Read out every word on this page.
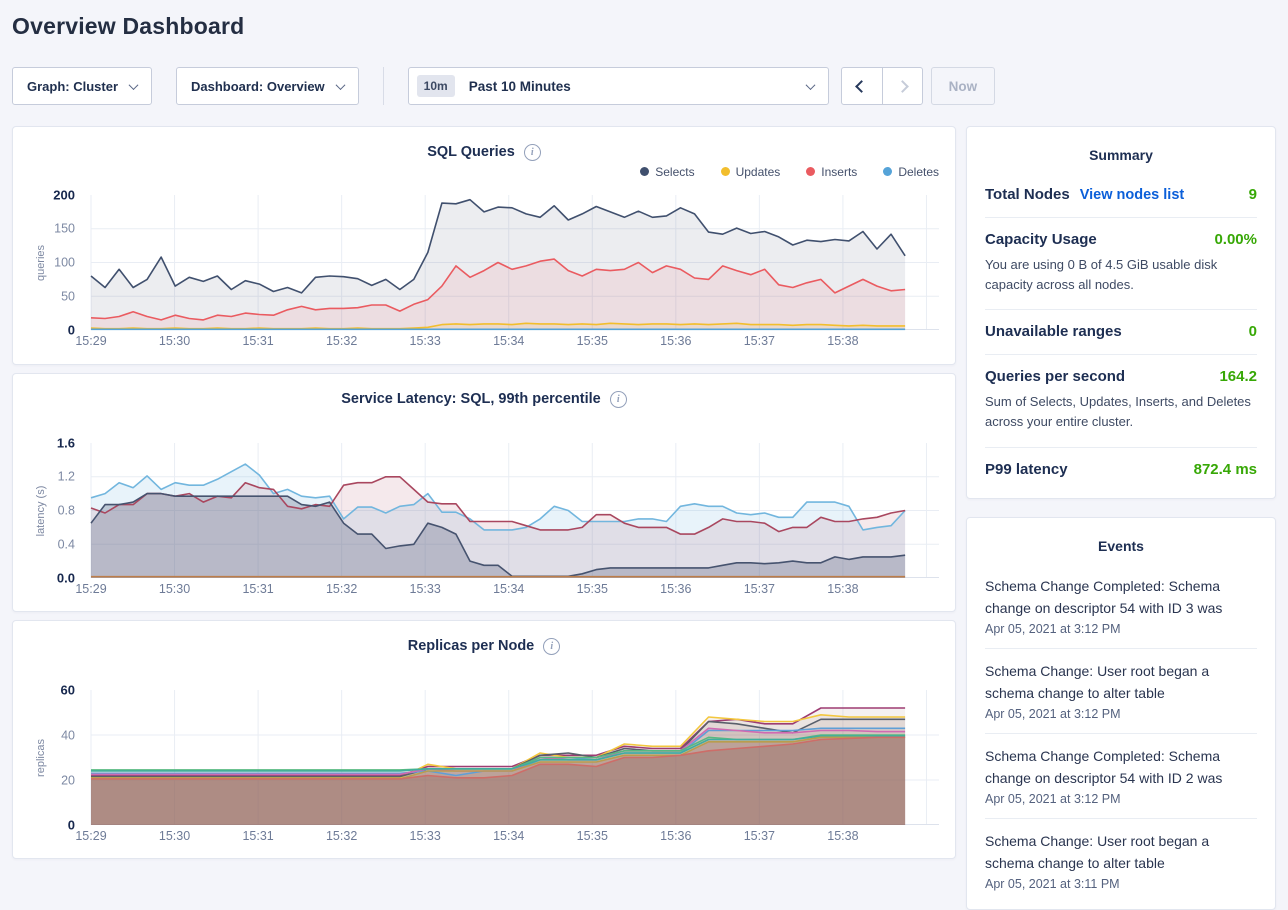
Overview Dashboard
Graph: Cluster	Dashboard: Overview	10m	Past 10 Minutes	Now
SQL Queries	i
Selects	Updates	Inserts	Deletes
queries
0
50
100
150
200
15:29	15:30	15:31	15:32	15:33	15:34	15:35	15:36	15:37	15:38
Service Latency: SQL, 99th percentile	i
latency (s)
0.0
0.4
0.8
1.2
1.6
15:29	15:30	15:31	15:32	15:33	15:34	15:35	15:36	15:37	15:38
Replicas per Node	i
replicas
0
20
40
60
15:29	15:30	15:31	15:32	15:33	15:34	15:35	15:36	15:37	15:38
Summary
Total Nodes View nodes list	9
Capacity Usage	0.00%
You are using 0 B of 4.5 GiB usable disk capacity across all nodes.
Unavailable ranges	0
Queries per second	164.2
Sum of Selects, Updates, Inserts, and Deletes across your entire cluster.
P99 latency	872.4 ms
Events
Schema Change Completed: Schema change on descriptor 54 with ID 3 was
Apr 05, 2021 at 3:12 PM
Schema Change: User root began a schema change to alter table
Apr 05, 2021 at 3:12 PM
Schema Change Completed: Schema change on descriptor 54 with ID 2 was
Apr 05, 2021 at 3:12 PM
Schema Change: User root began a schema change to alter table
Apr 05, 2021 at 3:11 PM
